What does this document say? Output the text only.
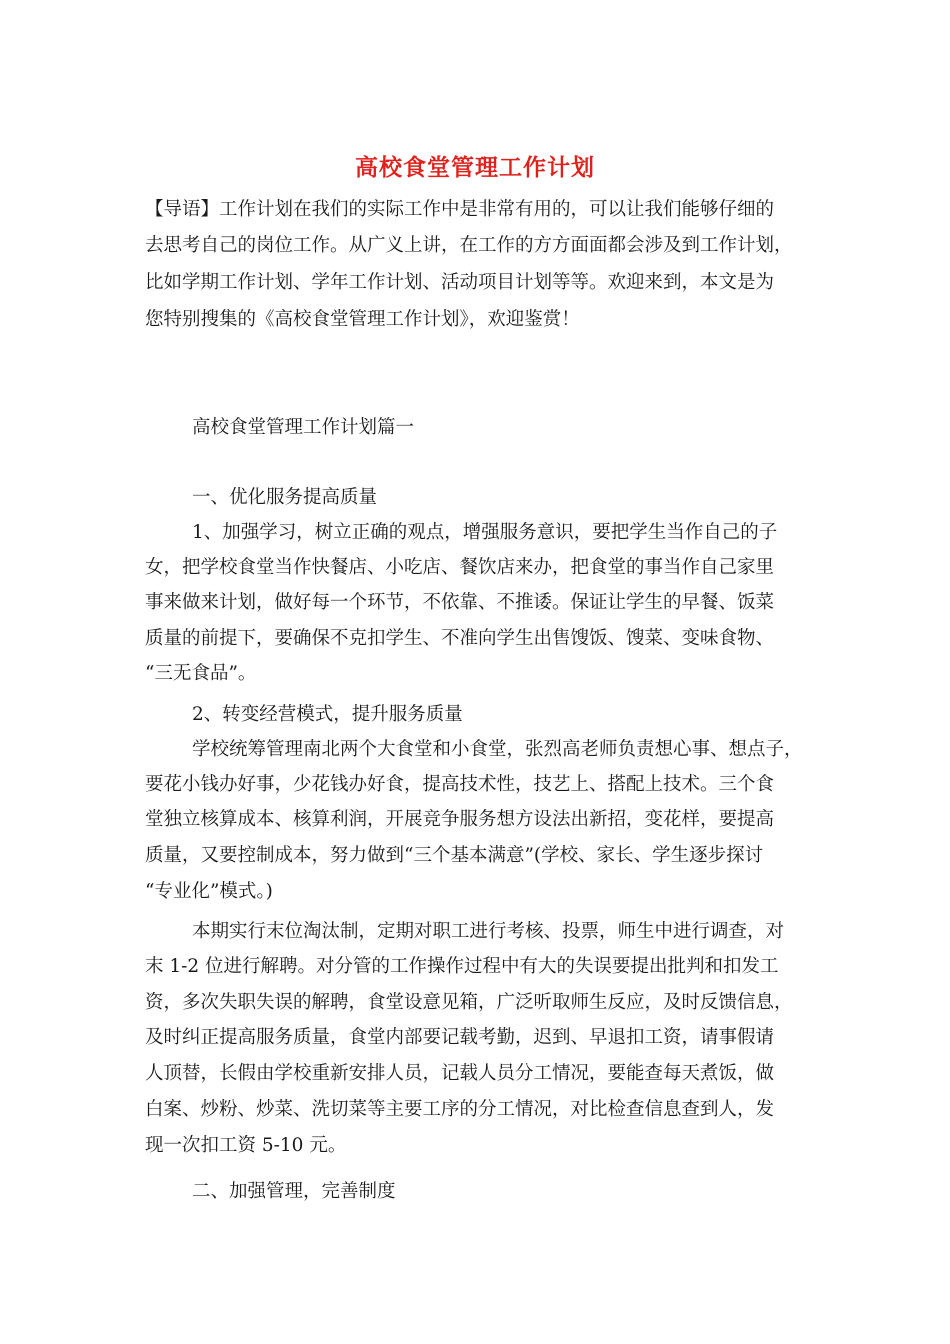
高校食堂管理工作计划
【导语】工作计划在我们的实际工作中是非常有用的，可以让我们能够仔细的
去思考自己的岗位工作。从广义上讲，在工作的方方面面都会涉及到工作计划，
比如学期工作计划、学年工作计划、活动项目计划等等。欢迎来到，本文是为
您特别搜集的《高校食堂管理工作计划》，欢迎鉴赏！
高校食堂管理工作计划篇一
一、优化服务提高质量
1、加强学习，树立正确的观点，增强服务意识，要把学生当作自己的子
女，把学校食堂当作快餐店、小吃店、餐饮店来办，把食堂的事当作自己家里
事来做来计划，做好每一个环节，不依靠、不推诿。保证让学生的早餐、饭菜
质量的前提下，要确保不克扣学生、不准向学生出售馊饭、馊菜、变味食物、
“三无食品”。
2、转变经营模式，提升服务质量
学校统筹管理南北两个大食堂和小食堂，张烈高老师负责想心事、想点子，
要花小钱办好事，少花钱办好食，提高技术性，技艺上、搭配上技术。三个食
堂独立核算成本、核算利润，开展竞争服务想方设法出新招，变花样，要提高
质量，又要控制成本，努力做到“三个基本满意”(学校、家长、学生逐步探讨
“专业化”模式。)
本期实行末位淘汰制，定期对职工进行考核、投票，师生中进行调查，对
末 1-2 位进行解聘。对分管的工作操作过程中有大的失误要提出批判和扣发工
资，多次失职失误的解聘，食堂设意见箱，广泛听取师生反应，及时反馈信息，
及时纠正提高服务质量，食堂内部要记载考勤，迟到、早退扣工资，请事假请
人顶替，长假由学校重新安排人员，记载人员分工情况，要能查每天煮饭，做
白案、炒粉、炒菜、洗切菜等主要工序的分工情况，对比检查信息查到人，发
现一次扣工资 5-10 元。
二、加强管理，完善制度
